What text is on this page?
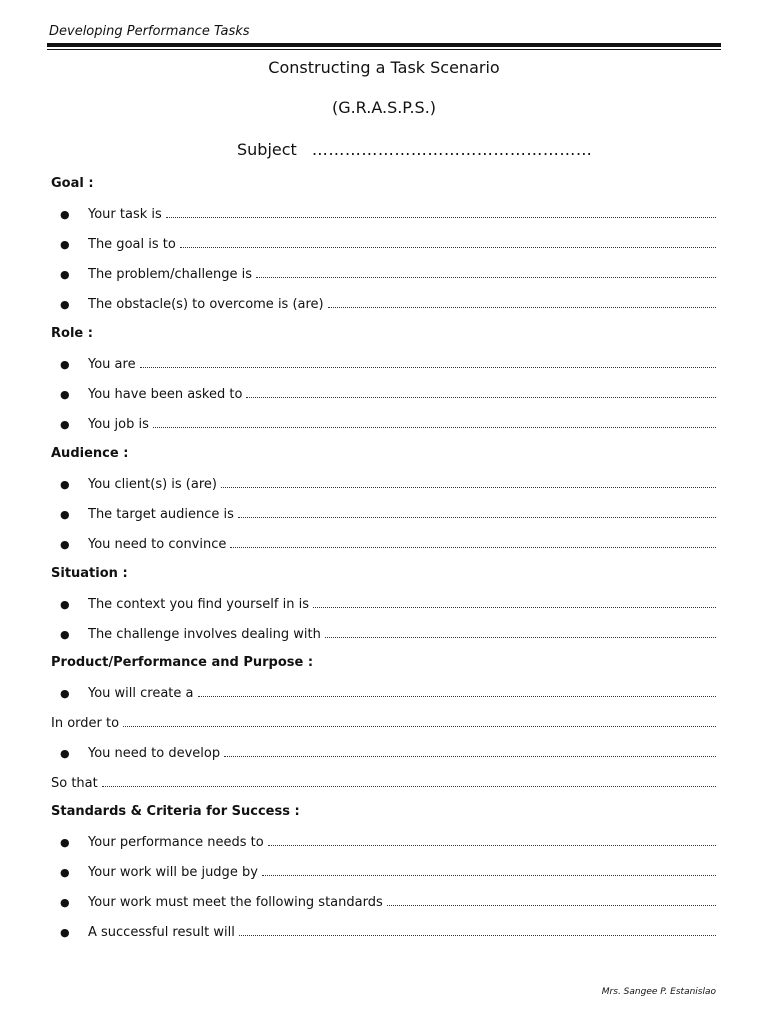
Developing Performance Tasks
Constructing a Task Scenario
(G.R.A.S.P.S.)
Subject ……………………………………………
Goal :
●	Your task is
●	The goal is to
●	The problem/challenge is
●	The obstacle(s) to overcome is (are)
Role :
●	You are
●	You have been asked to
●	You job is
Audience :
●	You client(s) is (are)
●	The target audience is
●	You need to convince
Situation :
●	The context you find yourself in is
●	The challenge involves dealing with
Product/Performance and Purpose :
●	You will create a
In order to
●	You need to develop
So that
Standards & Criteria for Success :
●	Your performance needs to
●	Your work will be judge by
●	Your work must meet the following standards
●	A successful result will
Mrs. Sangee P. Estanislao
